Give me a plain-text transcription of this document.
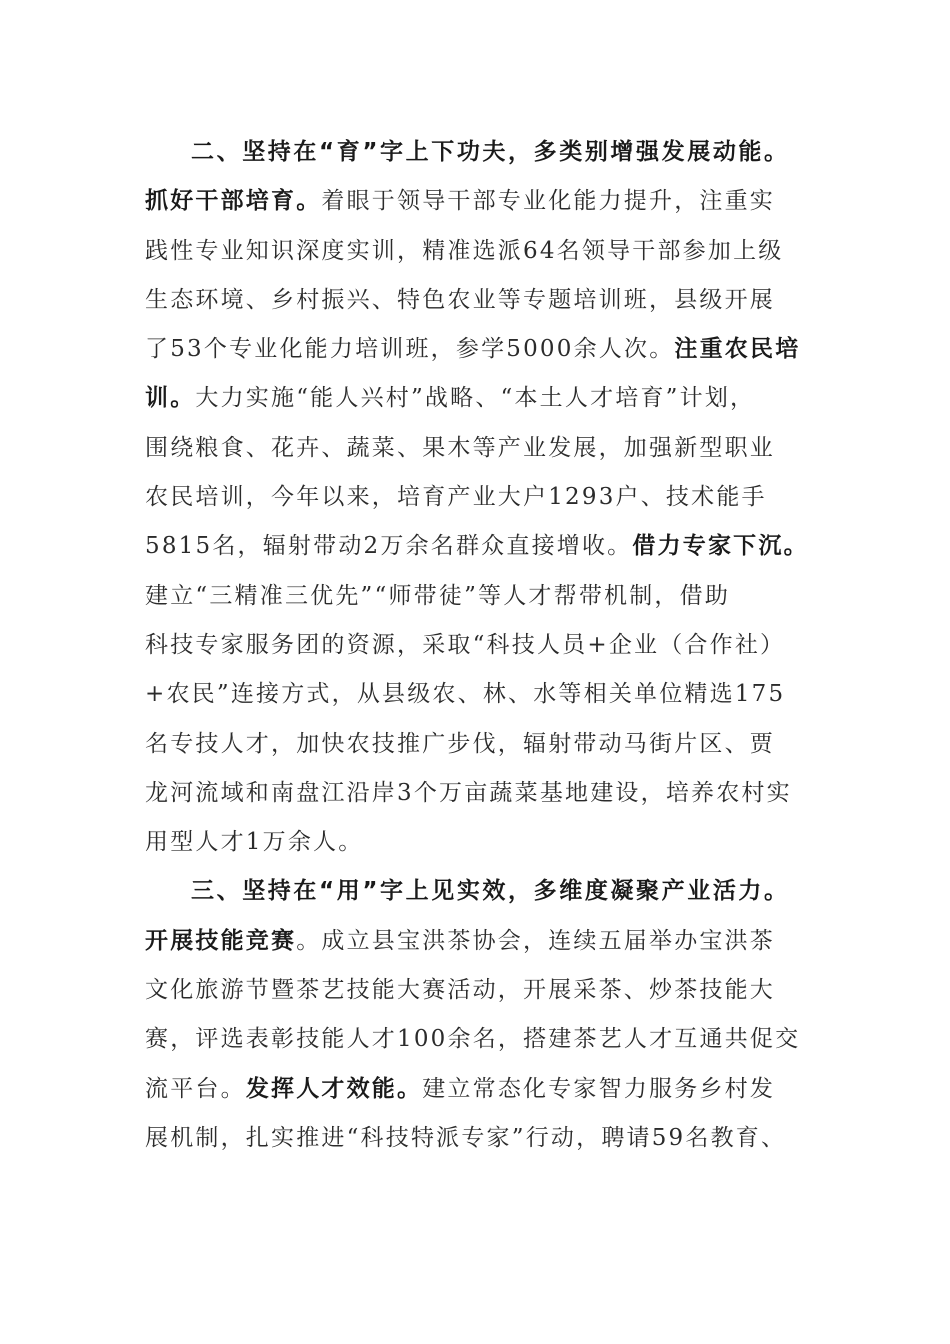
二、坚持在“育”字上下功夫，多类别增强发展动能。

抓好干部培育。着眼于领导干部专业化能力提升，注重实
践性专业知识深度实训，精准选派64名领导干部参加上级
生态环境、乡村振兴、特色农业等专题培训班，县级开展
了53个专业化能力培训班，参学5000余人次。注重农民培
训。大力实施“能人兴村”战略、“本土人才培育”计划，
围绕粮食、花卉、蔬菜、果木等产业发展，加强新型职业
农民培训，今年以来，培育产业大户1293户、技术能手
5815名，辐射带动2万余名群众直接增收。借力专家下沉。
建立“三精准三优先”“师带徒”等人才帮带机制，借助
科技专家服务团的资源，采取“科技人员+企业（合作社）
+农民”连接方式，从县级农、林、水等相关单位精选175
名专技人才，加快农技推广步伐，辐射带动马街片区、贾
龙河流域和南盘江沿岸3个万亩蔬菜基地建设，培养农村实
用型人才1万余人。

三、坚持在“用”字上见实效，多维度凝聚产业活力。

开展技能竞赛。成立县宝洪茶协会，连续五届举办宝洪茶
文化旅游节暨茶艺技能大赛活动，开展采茶、炒茶技能大
赛，评选表彰技能人才100余名，搭建茶艺人才互通共促交
流平台。发挥人才效能。建立常态化专家智力服务乡村发
展机制，扎实推进“科技特派专家”行动，聘请59名教育、
